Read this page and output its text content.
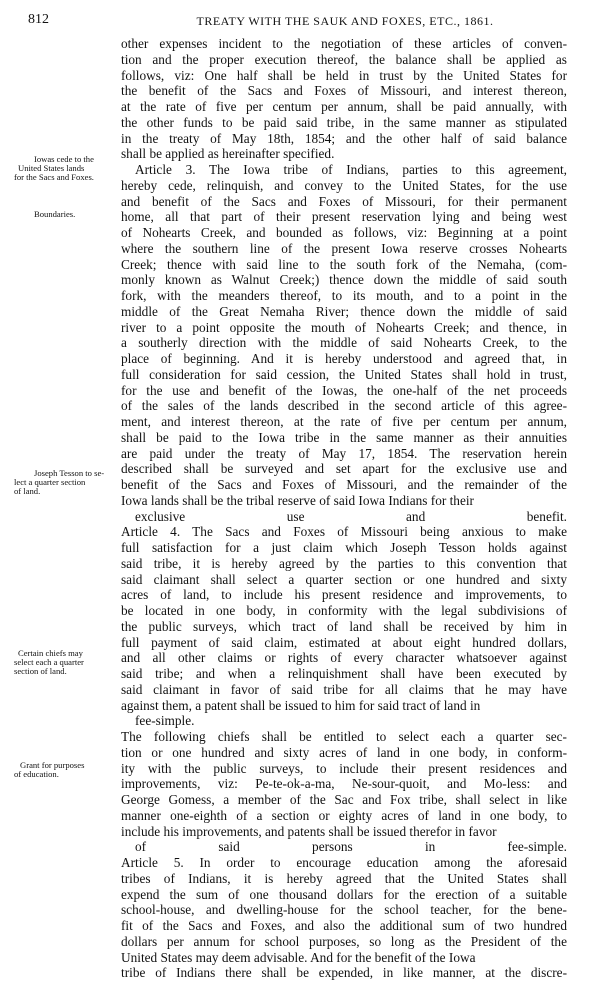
812	TREATY WITH THE SAUK AND FOXES, ETC., 1861.
Iowas cede to the
United States lands
for the Sacs and Foxes.
Boundaries.
Joseph Tesson to se-
lect a quarter section
of land.
Certain chiefs may
select each a quarter
section of land.
Grant for purposes
of education.
other expenses incident to the negotiation of these articles of conven-
tion and the proper execution thereof, the balance shall be applied as
follows, viz: One half shall be held in trust by the United States for
the benefit of the Sacs and Foxes of Missouri, and interest thereon,
at the rate of five per centum per annum, shall be paid annually, with
the other funds to be paid said tribe, in the same manner as stipulated
in the treaty of May 18th, 1854; and the other half of said balance
shall be applied as hereinafter specified.
Article 3. The Iowa tribe of Indians, parties to this agreement,
hereby cede, relinquish, and convey to the United States, for the use
and benefit of the Sacs and Foxes of Missouri, for their permanent
home, all that part of their present reservation lying and being west
of Nohearts Creek, and bounded as follows, viz: Beginning at a point
where the southern line of the present Iowa reserve crosses Nohearts
Creek; thence with said line to the south fork of the Nemaha, (com-
monly known as Walnut Creek;) thence down the middle of said south
fork, with the meanders thereof, to its mouth, and to a point in the
middle of the Great Nemaha River; thence down the middle of said
river to a point opposite the mouth of Nohearts Creek; and thence, in
a southerly direction with the middle of said Nohearts Creek, to the
place of beginning. And it is hereby understood and agreed that, in
full consideration for said cession, the United States shall hold in trust,
for the use and benefit of the Iowas, the one-half of the net proceeds
of the sales of the lands described in the second article of this agree-
ment, and interest thereon, at the rate of five per centum per annum,
shall be paid to the Iowa tribe in the same manner as their annuities
are paid under the treaty of May 17, 1854. The reservation herein
described shall be surveyed and set apart for the exclusive use and
benefit of the Sacs and Foxes of Missouri, and the remainder of the
Iowa lands shall be the tribal reserve of said Iowa Indians for their
exclusive use and benefit.
Article 4. The Sacs and Foxes of Missouri being anxious to make
full satisfaction for a just claim which Joseph Tesson holds against
said tribe, it is hereby agreed by the parties to this convention that
said claimant shall select a quarter section or one hundred and sixty
acres of land, to include his present residence and improvements, to
be located in one body, in conformity with the legal subdivisions of
the public surveys, which tract of land shall be received by him in
full payment of said claim, estimated at about eight hundred dollars,
and all other claims or rights of every character whatsoever against
said tribe; and when a relinquishment shall have been executed by
said claimant in favor of said tribe for all claims that he may have
against them, a patent shall be issued to him for said tract of land in
fee-simple.
The following chiefs shall be entitled to select each a quarter sec-
tion or one hundred and sixty acres of land in one body, in conform-
ity with the public surveys, to include their present residences and
improvements, viz: Pe-te-ok-a-ma, Ne-sour-quoit, and Mo-less: and
George Gomess, a member of the Sac and Fox tribe, shall select in like
manner one-eighth of a section or eighty acres of land in one body, to
include his improvements, and patents shall be issued therefor in favor
of said persons in fee-simple.
Article 5. In order to encourage education among the aforesaid
tribes of Indians, it is hereby agreed that the United States shall
expend the sum of one thousand dollars for the erection of a suitable
school-house, and dwelling-house for the school teacher, for the bene-
fit of the Sacs and Foxes, and also the additional sum of two hundred
dollars per annum for school purposes, so long as the President of the
United States may deem advisable. And for the benefit of the Iowa
tribe of Indians there shall be expended, in like manner, at the discre-
